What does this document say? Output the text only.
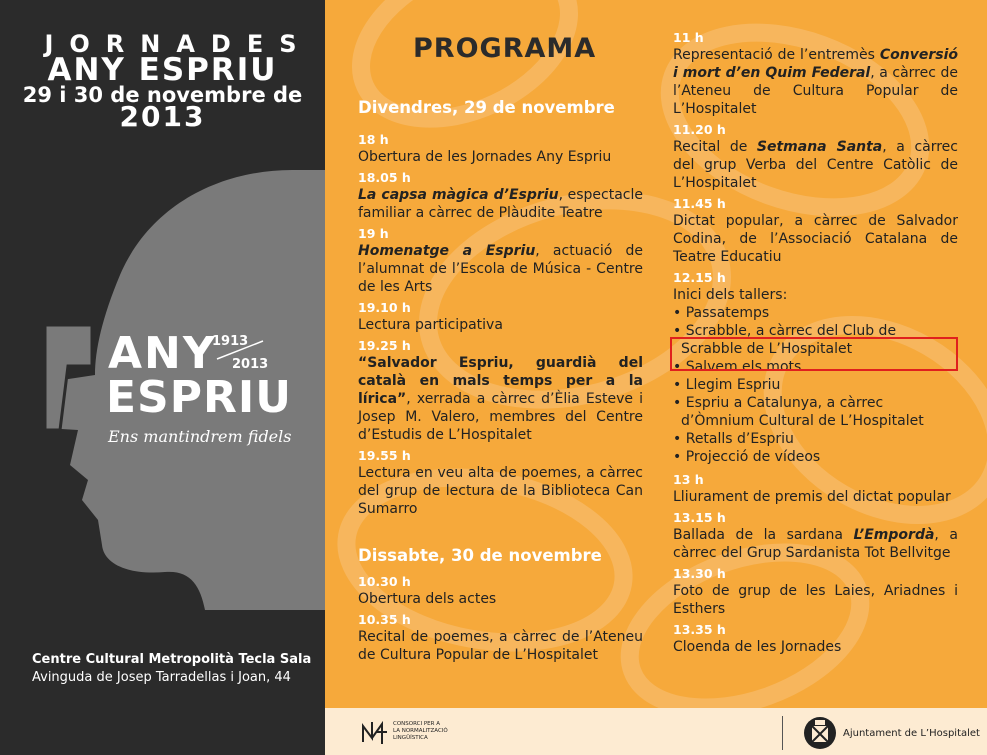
JORNADES
ANY ESPRIU
29 i 30 de novembre de
2013
ANY
1913
2013
ESPRIU
Ens mantindrem fidels
Centre Cultural Metropolità Tecla Sala
Avinguda de Josep Tarradellas i Joan, 44
PROGRAMA
Divendres, 29 de novembre
18 h
Obertura de les Jornades Any Espriu
18.05 h
La capsa màgica d’Espriu, espectacle familiar a càrrec de Plàudite Teatre
19 h
Homenatge a Espriu, actuació de l’alumnat de l’Escola de Música - Centre de les Arts
19.10 h
Lectura participativa
19.25 h
“Salvador Espriu, guardià del català en mals temps per a la lírica”, xerrada a càrrec d’Èlia Esteve i Josep M. Valero, membres del Centre d’Estudis de L’Hospitalet
19.55 h
Lectura en veu alta de poemes, a càrrec del grup de lectura de la Biblioteca Can Sumarro
Dissabte, 30 de novembre
10.30 h
Obertura dels actes
10.35 h
Recital de poemes, a càrrec de l’Ateneu de Cultura Popular de L’Hospitalet
11 h
Representació de l’entremès Conversió i mort d’en Quim Federal, a càrrec de l’Ateneu de Cultura Popular de L’Hospitalet
11.20 h
Recital de Setmana Santa, a càrrec del grup Verba del Centre Catòlic de L’Hospitalet
11.45 h
Dictat popular, a càrrec de Salvador Codina, de l’Associació Catalana de Teatre Educatiu
12.15 h
Inici dels tallers:
• Passatemps
• Scrabble, a càrrec del Club de Scrabble de L’Hospitalet
• Salvem els mots
• Llegim Espriu
• Espriu a Catalunya, a càrrec d’Òmnium Cultural de L’Hospitalet
• Retalls d’Espriu
• Projecció de vídeos
13 h
Lliurament de premis del dictat popular
13.15 h
Ballada de la sardana L’Empordà, a càrrec del Grup Sardanista Tot Bellvitge
13.30 h
Foto de grup de les Laies, Ariadnes i Esthers
13.35 h
Cloenda de les Jornades
CONSORCI PER A
LA NORMALITZACIÓ
LINGÜÍSTICA	Ajuntament de L’Hospitalet
